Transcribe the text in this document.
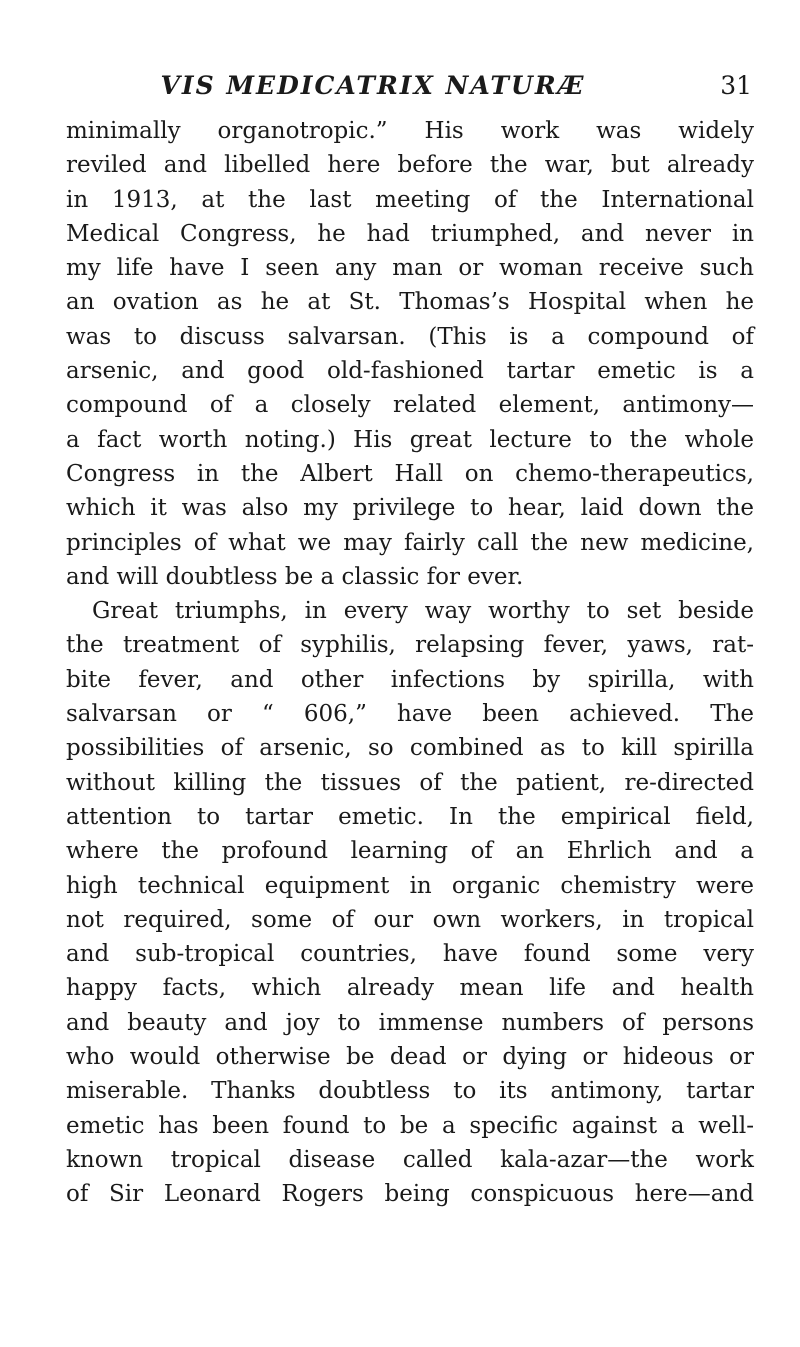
VIS MEDICATRIX NATURÆ	31
minimally organotropic.” His work was widely
reviled and libelled here before the war, but already
in 1913, at the last meeting of the International
Medical Congress, he had triumphed, and never in
my life have I seen any man or woman receive such
an ovation as he at St. Thomas’s Hospital when he
was to discuss salvarsan. (This is a compound of
arsenic, and good old-fashioned tartar emetic is a
compound of a closely related element, antimony—
a fact worth noting.) His great lecture to the whole
Congress in the Albert Hall on chemo-therapeutics,
which it was also my privilege to hear, laid down the
principles of what we may fairly call the new medicine,
and will doubtless be a classic for ever.
Great triumphs, in every way worthy to set beside
the treatment of syphilis, relapsing fever, yaws, rat-
bite fever, and other infections by spirilla, with
salvarsan or “ 606,” have been achieved. The
possibilities of arsenic, so combined as to kill spirilla
without killing the tissues of the patient, re-directed
attention to tartar emetic. In the empirical field,
where the profound learning of an Ehrlich and a
high technical equipment in organic chemistry were
not required, some of our own workers, in tropical
and sub-tropical countries, have found some very
happy facts, which already mean life and health
and beauty and joy to immense numbers of persons
who would otherwise be dead or dying or hideous or
miserable. Thanks doubtless to its antimony, tartar
emetic has been found to be a specific against a well-
known tropical disease called kala-azar—the work
of Sir Leonard Rogers being conspicuous here—and
